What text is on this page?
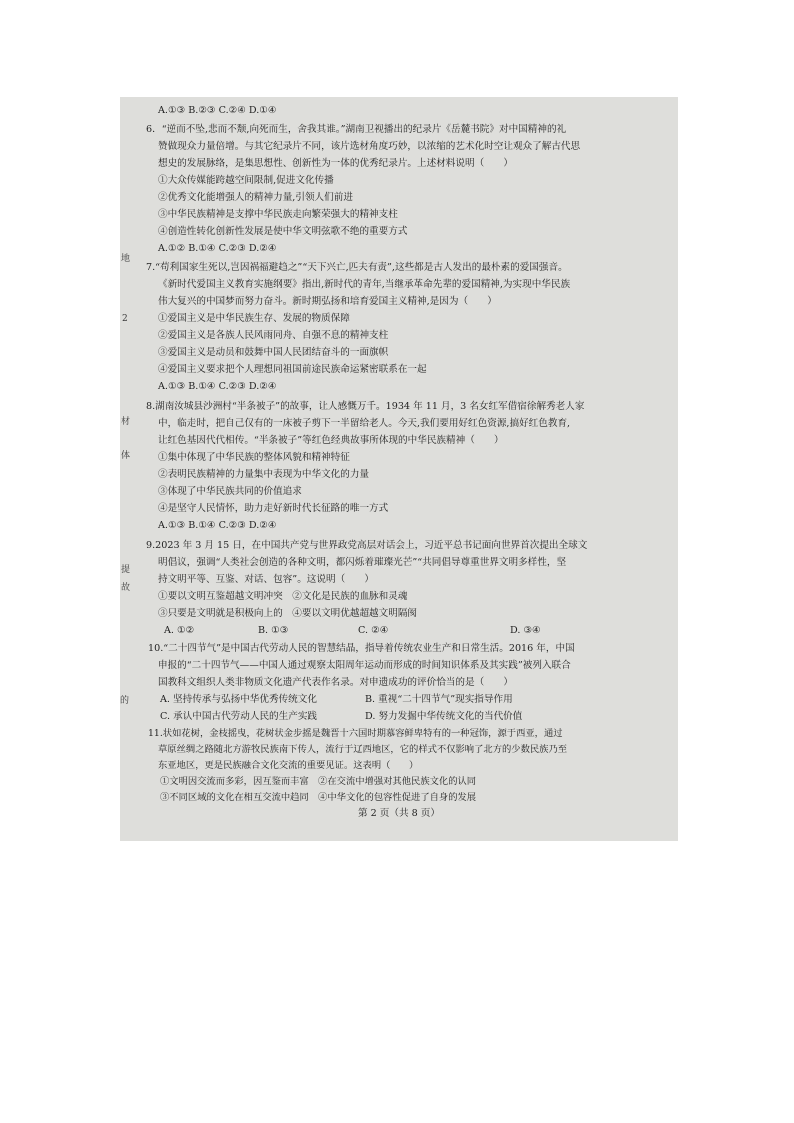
A.①③ B.②③ C.②④ D.①④
6．“逆而不坠,悲而不颓,向死而生，舍我其谁。”湖南卫视播出的纪录片《岳麓书院》对中国精神的礼
赞做现众力量倍增。与其它纪录片不同，该片选材角度巧妙，以浓缩的艺术化时空让观众了解古代思
想史的发展脉络，是集思想性、创新性为一体的优秀纪录片。上述材料说明（　　）
①大众传媒能跨越空间限制,促进文化传播
②优秀文化能增强人的精神力量,引领人们前进
③中华民族精神是支撑中华民族走向繁荣强大的精神支柱
④创造性转化创新性发展是使中华文明弦歌不绝的重要方式
A.①② B.①④ C.②③ D.②④
7.“苟利国家生死以,岂因祸福避趋之”“天下兴亡,匹夫有责”,这些都是古人发出的最朴素的爱国强音。
《新时代爱国主义教育实施纲要》指出,新时代的青年,当继承革命先辈的爱国精神,为实现中华民族
伟大复兴的中国梦而努力奋斗。新时期弘扬和培育爱国主义精神,是因为（　　）
①爱国主义是中华民族生存、发展的物质保障
②爱国主义是各族人民风雨同舟、自强不息的精神支柱
③爱国主义是动员和鼓舞中国人民团结奋斗的一面旗帜
④爱国主义要求把个人理想同祖国前途民族命运紧密联系在一起
A.①③ B.①④ C.②③ D.②④
8.湖南汝城县沙洲村“半条被子”的故事，让人感慨万千。1934 年 11 月，3 名女红军借宿徐解秀老人家
中，临走时，把自己仅有的一床被子剪下一半留给老人。今天,我们要用好红色资源,搞好红色教育,
让红色基因代代相传。“半条被子”等红色经典故事所体现的中华民族精神（　　）
①集中体现了中华民族的整体风貌和精神特征
②表明民族精神的力量集中表现为中华文化的力量
③体现了中华民族共同的价值追求
④是坚守人民情怀，助力走好新时代长征路的唯一方式
A.①③ B.①④ C.②③ D.②④
9.2023 年 3 月 15 日，在中国共产党与世界政党高层对话会上，习近平总书记面向世界首次提出全球文
明倡议，强调“人类社会创造的各种文明，都闪烁着璀璨光芒”“共同倡导尊重世界文明多样性，坚
持文明平等、互鉴、对话、包容”。这说明（　　）
①要以文明互鉴超越文明冲突　②文化是民族的血脉和灵魂
③只要是文明就是积极向上的　④要以文明优越超越文明隔阂
A. ①②	B. ①③	C. ②④	D. ③④
10.“二十四节气”是中国古代劳动人民的智慧结晶，指导着传统农业生产和日常生活。2016 年，中国
申报的“二十四节气——中国人通过观察太阳周年运动而形成的时间知识体系及其实践”被列入联合
国教科文组织人类非物质文化遗产代表作名录。对申遗成功的评价恰当的是（　　）
A. 坚持传承与弘扬中华优秀传统文化	B. 重视“二十四节气”现实指导作用
C. 承认中国古代劳动人民的生产实践	D. 努力发掘中华传统文化的当代价值
11.状如花树，金枝摇曳，花树状金步摇是魏晋十六国时期慕容鲜卑特有的一种冠饰，源于西亚，通过
草原丝绸之路随北方游牧民族南下传人，流行于辽西地区，它的样式不仅影响了北方的少数民族乃至
东亚地区，更是民族融合文化交流的重要见证。这表明（　　）
①文明因交流而多彩，因互鉴而丰富　②在交流中增强对其他民族文化的认同
③不同区域的文化在相互交流中趋同　④中华文化的包容性促进了自身的发展
第 2 页（共 8 页）
地
2
材
体
提
故
的
